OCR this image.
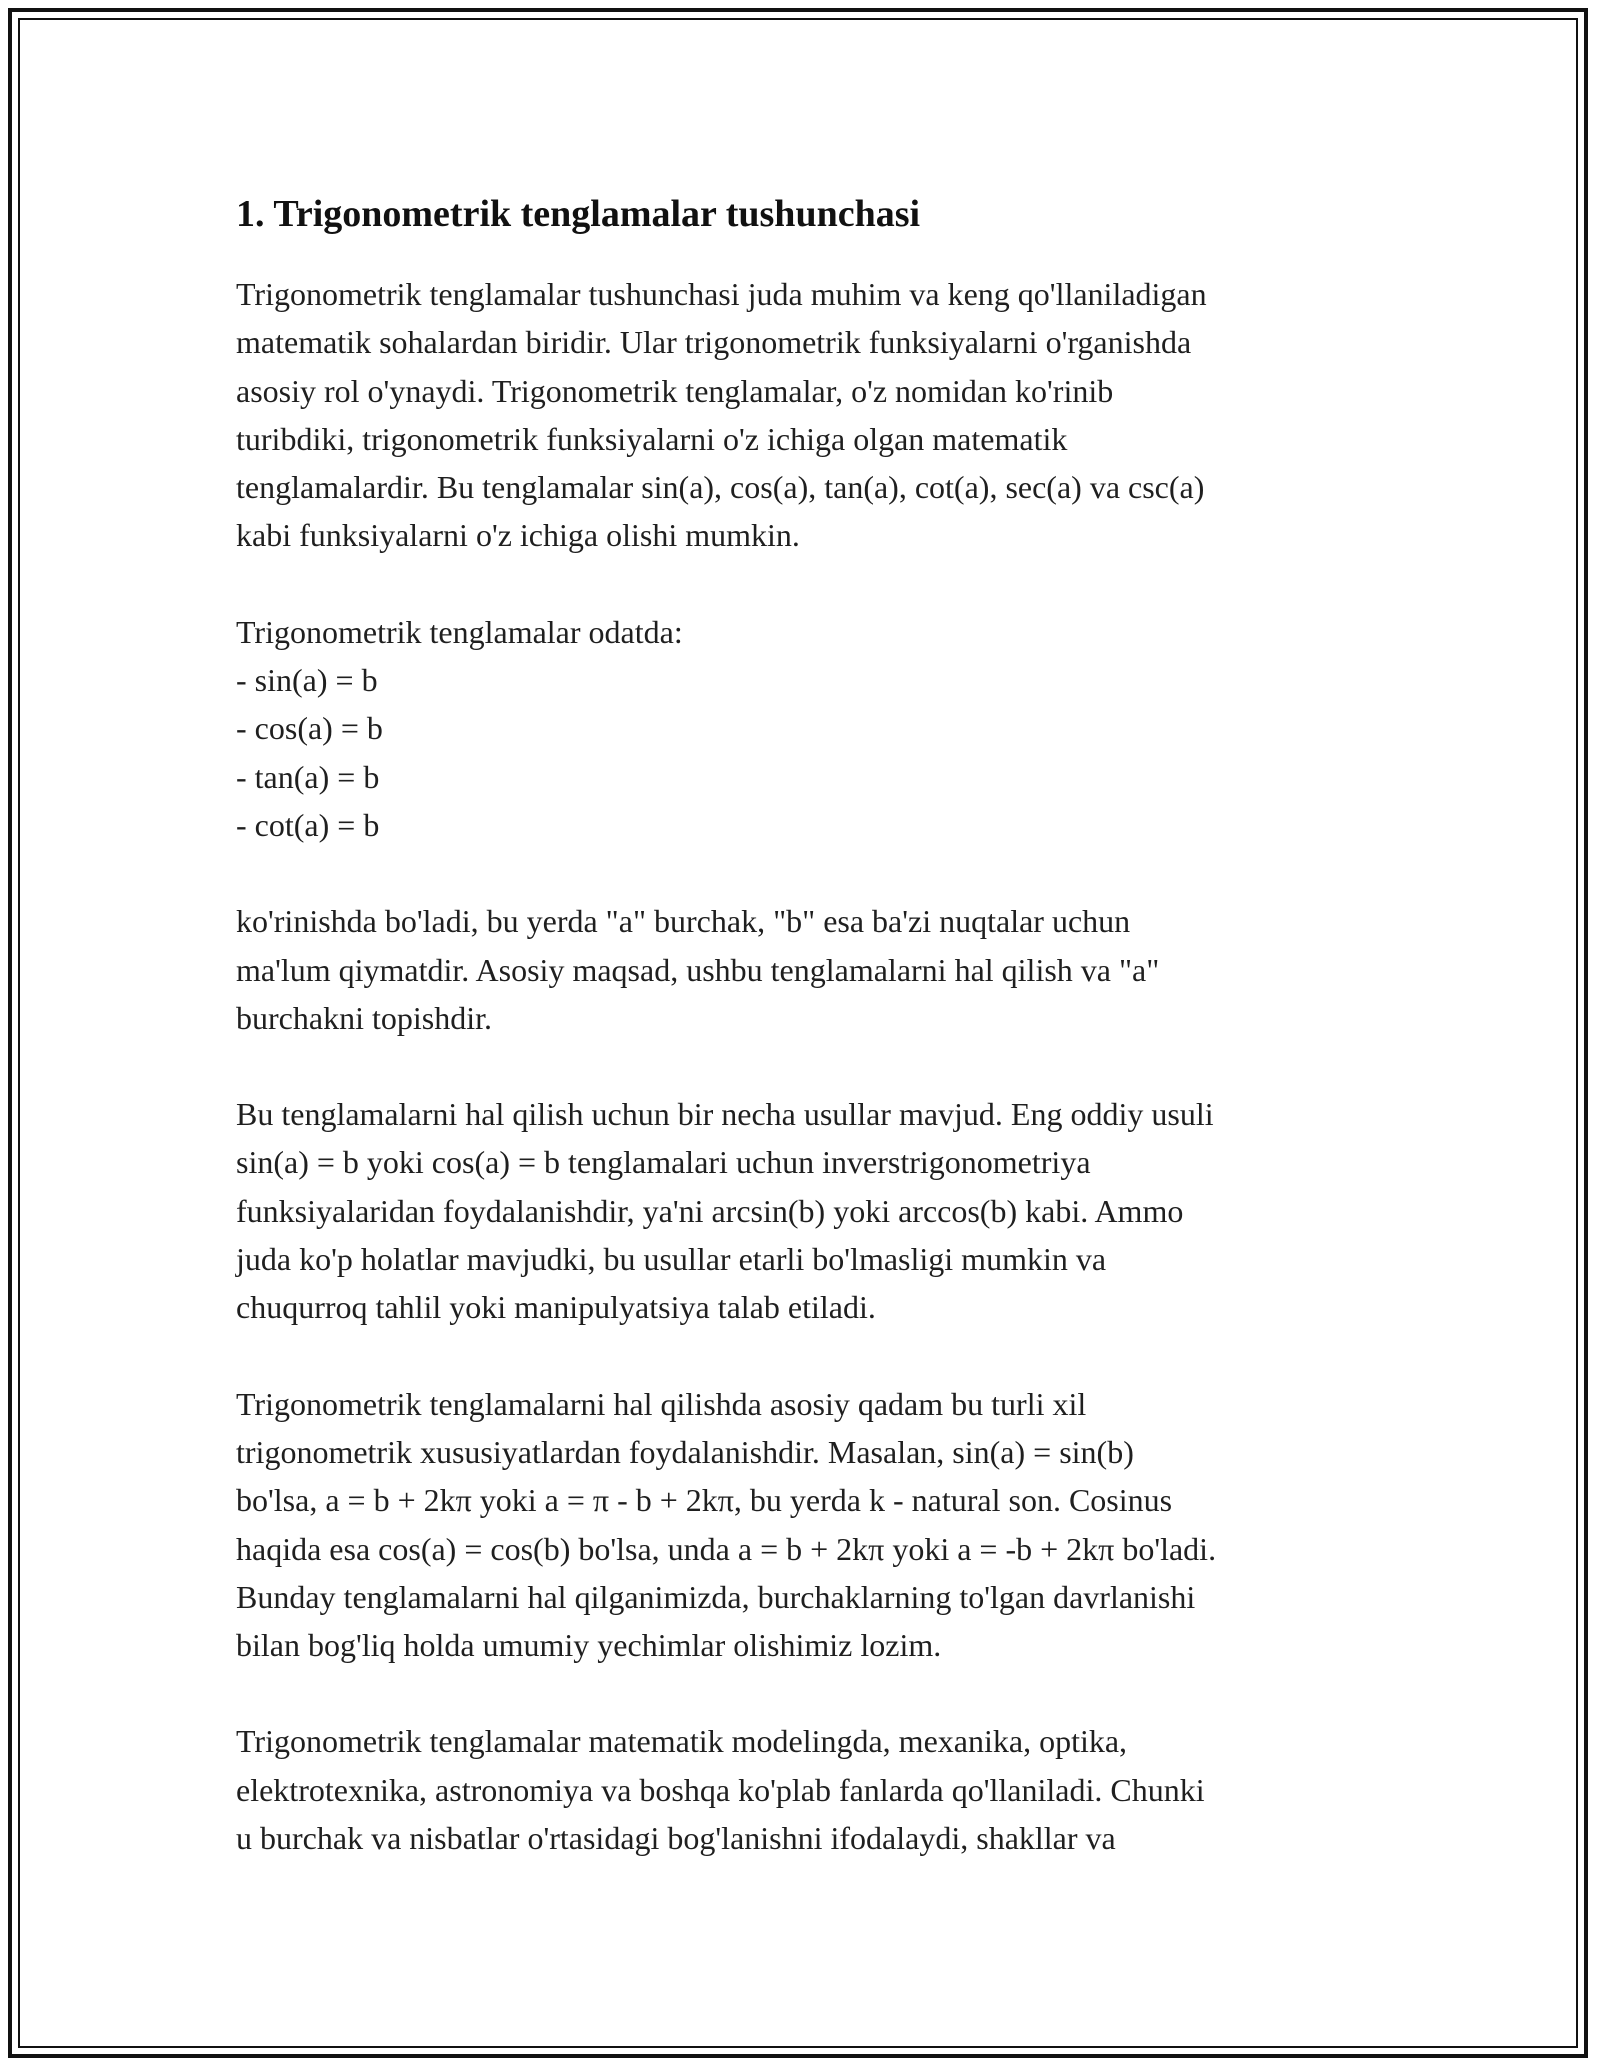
1. Trigonometrik tenglamalar tushunchasi

Trigonometrik tenglamalar tushunchasi juda muhim va keng qo'llaniladigan
matematik sohalardan biridir. Ular trigonometrik funksiyalarni o'rganishda
asosiy rol o'ynaydi. Trigonometrik tenglamalar, o'z nomidan ko'rinib
turibdiki, trigonometrik funksiyalarni o'z ichiga olgan matematik
tenglamalardir. Bu tenglamalar sin(a), cos(a), tan(a), cot(a), sec(a) va csc(a)
kabi funksiyalarni o'z ichiga olishi mumkin.

Trigonometrik tenglamalar odatda:
- sin(a) = b
- cos(a) = b
- tan(a) = b
- cot(a) = b

ko'rinishda bo'ladi, bu yerda "a" burchak, "b" esa ba'zi nuqtalar uchun
ma'lum qiymatdir. Asosiy maqsad, ushbu tenglamalarni hal qilish va "a"
burchakni topishdir.

Bu tenglamalarni hal qilish uchun bir necha usullar mavjud. Eng oddiy usuli
sin(a) = b yoki cos(a) = b tenglamalari uchun inverstrigonometriya
funksiyalaridan foydalanishdir, ya'ni arcsin(b) yoki arccos(b) kabi. Ammo
juda ko'p holatlar mavjudki, bu usullar etarli bo'lmasligi mumkin va
chuqurroq tahlil yoki manipulyatsiya talab etiladi.

Trigonometrik tenglamalarni hal qilishda asosiy qadam bu turli xil
trigonometrik xususiyatlardan foydalanishdir. Masalan, sin(a) = sin(b)
bo'lsa, a = b + 2kπ yoki a = π - b + 2kπ, bu yerda k - natural son. Cosinus
haqida esa cos(a) = cos(b) bo'lsa, unda a = b + 2kπ yoki a = -b + 2kπ bo'ladi.
Bunday tenglamalarni hal qilganimizda, burchaklarning to'lgan davrlanishi
bilan bog'liq holda umumiy yechimlar olishimiz lozim.

Trigonometrik tenglamalar matematik modelingda, mexanika, optika,
elektrotexnika, astronomiya va boshqa ko'plab fanlarda qo'llaniladi. Chunki
u burchak va nisbatlar o'rtasidagi bog'lanishni ifodalaydi, shakllar va
